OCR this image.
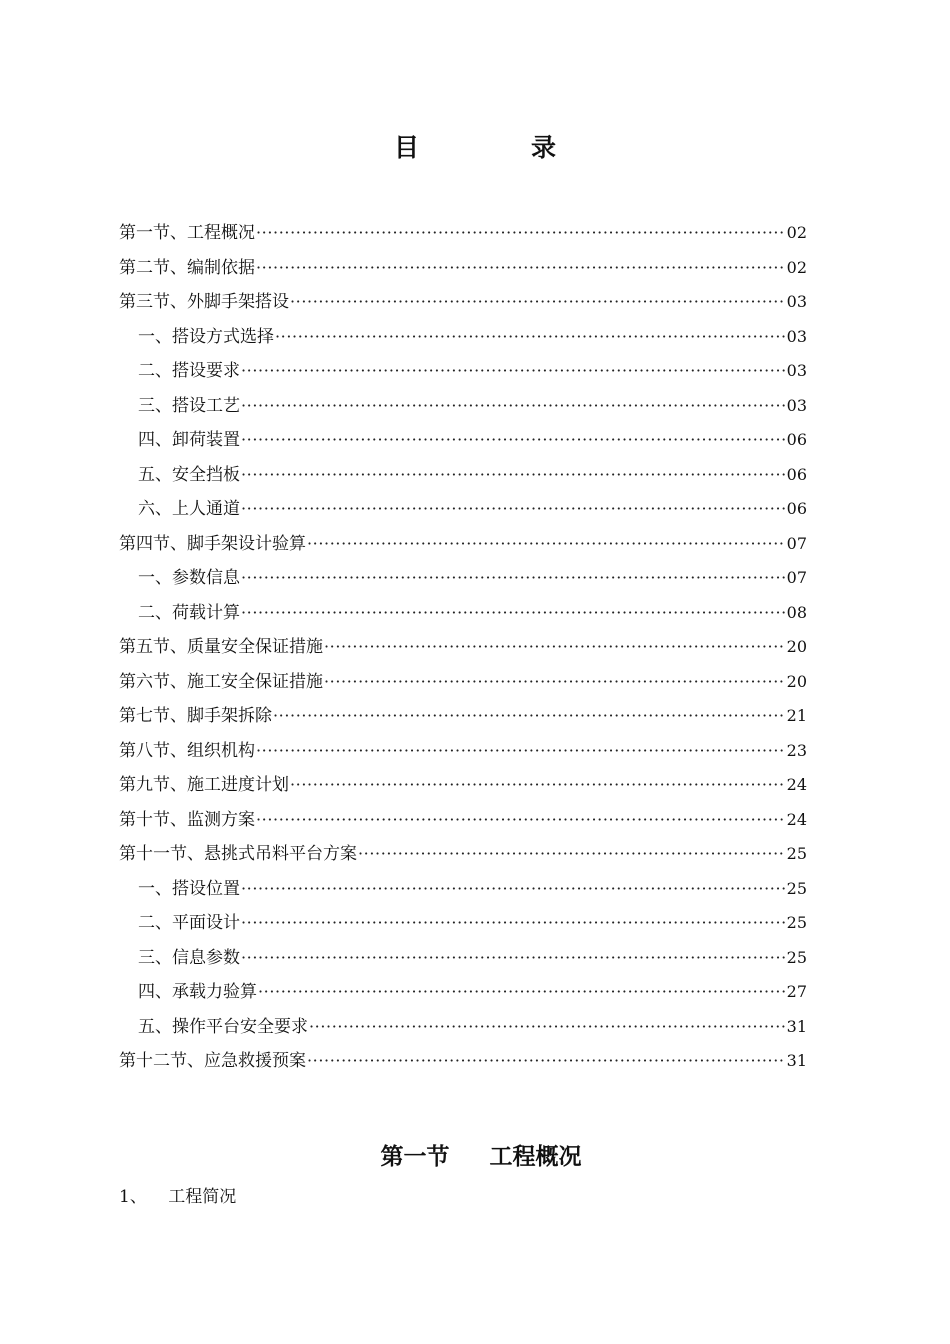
目	录
第一节、工程概况 ·····	02
第二节、编制依据 ·····	02
第三节、外脚手架搭设 ·····	03
一、搭设方式选择 ·····	03
二、搭设要求 ·····	03
三、搭设工艺 ·····	03
四、卸荷装置 ·····	06
五、安全挡板 ·····	06
六、上人通道 ·····	06
第四节、脚手架设计验算 ·····	07
一、参数信息 ·····	07
二、荷载计算 ·····	08
第五节、质量安全保证措施 ·····	20
第六节、施工安全保证措施 ·····	20
第七节、脚手架拆除 ·····	21
第八节、组织机构 ·····	23
第九节、施工进度计划 ·····	24
第十节、监测方案 ·····	24
第十一节、悬挑式吊料平台方案 ·····	25
一、搭设位置 ·····	25
二、平面设计 ·····	25
三、信息参数 ·····	25
四、承载力验算 ·····	27
五、操作平台安全要求 ·····	31
第十二节、应急救援预案 ·····	31
第一节 工程概况
1、 工程简况
